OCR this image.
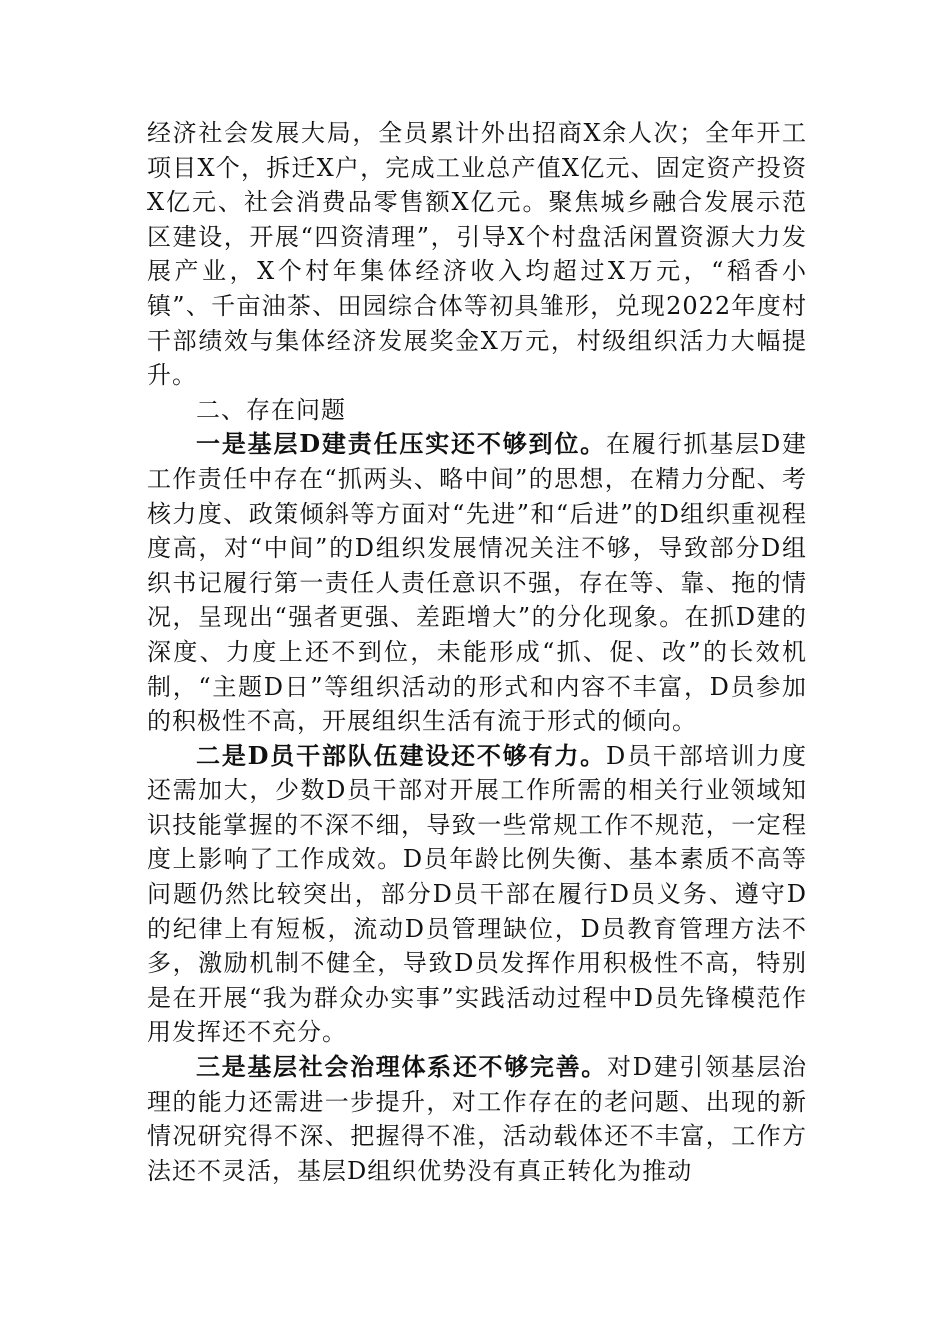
经济社会发展大局，全员累计外出招商X余人次；全年开工项目X个，拆迁X户，完成工业总产值X亿元、固定资产投资X亿元、社会消费品零售额X亿元。聚焦城乡融合发展示范区建设，开展“四资清理”，引导X个村盘活闲置资源大力发展产业，X个村年集体经济收入均超过X万元，“稻香小镇”、千亩油茶、田园综合体等初具雏形，兑现2022年度村干部绩效与集体经济发展奖金X万元，村级组织活力大幅提升。

二、存在问题

一是基层D建责任压实还不够到位。在履行抓基层D建工作责任中存在“抓两头、略中间”的思想，在精力分配、考核力度、政策倾斜等方面对“先进”和“后进”的D组织重视程度高，对“中间”的D组织发展情况关注不够，导致部分D组织书记履行第一责任人责任意识不强，存在等、靠、拖的情况，呈现出“强者更强、差距增大”的分化现象。在抓D建的深度、力度上还不到位，未能形成“抓、促、改”的长效机制，“主题D日”等组织活动的形式和内容不丰富，D员参加的积极性不高，开展组织生活有流于形式的倾向。

二是D员干部队伍建设还不够有力。D员干部培训力度还需加大，少数D员干部对开展工作所需的相关行业领域知识技能掌握的不深不细，导致一些常规工作不规范，一定程度上影响了工作成效。D员年龄比例失衡、基本素质不高等问题仍然比较突出，部分D员干部在履行D员义务、遵守D的纪律上有短板，流动D员管理缺位，D员教育管理方法不多，激励机制不健全，导致D员发挥作用积极性不高，特别是在开展“我为群众办实事”实践活动过程中D员先锋模范作用发挥还不充分。

三是基层社会治理体系还不够完善。对D建引领基层治理的能力还需进一步提升，对工作存在的老问题、出现的新情况研究得不深、把握得不准，活动载体还不丰富，工作方法还不灵活，基层D组织优势没有真正转化为推动
